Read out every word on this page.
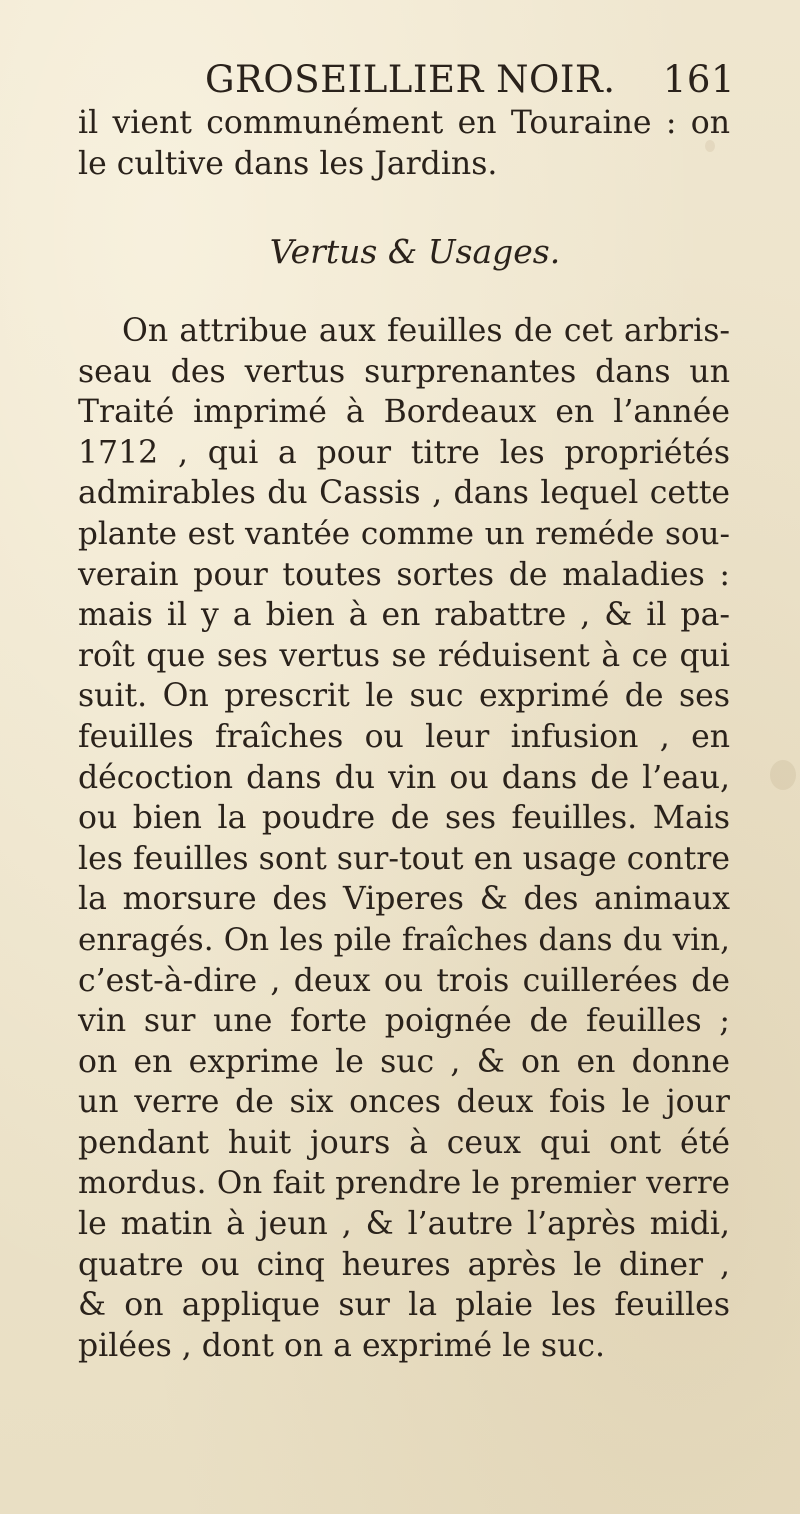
GROSEILLIER NOIR. 161
il vient communément en Touraine : on
le cultive dans les Jardins.
Vertus & Usages.
On attribue aux feuilles de cet arbris-
seau des vertus surprenantes dans un
Traité imprimé à Bordeaux en l’année
1712 , qui a pour titre les propriétés
admirables du Cassis , dans lequel cette
plante est vantée comme un reméde sou-
verain pour toutes sortes de maladies :
mais il y a bien à en rabattre , & il pa-
roît que ses vertus se réduisent à ce qui
suit. On prescrit le suc exprimé de ses
feuilles fraîches ou leur infusion , en
décoction dans du vin ou dans de l’eau,
ou bien la poudre de ses feuilles. Mais
les feuilles sont sur-tout en usage contre
la morsure des Viperes & des animaux
enragés. On les pile fraîches dans du vin,
c’est-à-dire , deux ou trois cuillerées de
vin sur une forte poignée de feuilles ;
on en exprime le suc , & on en donne
un verre de six onces deux fois le jour
pendant huit jours à ceux qui ont été
mordus. On fait prendre le premier verre
le matin à jeun , & l’autre l’après midi,
quatre ou cinq heures après le diner ,
& on applique sur la plaie les feuilles
pilées , dont on a exprimé le suc.
